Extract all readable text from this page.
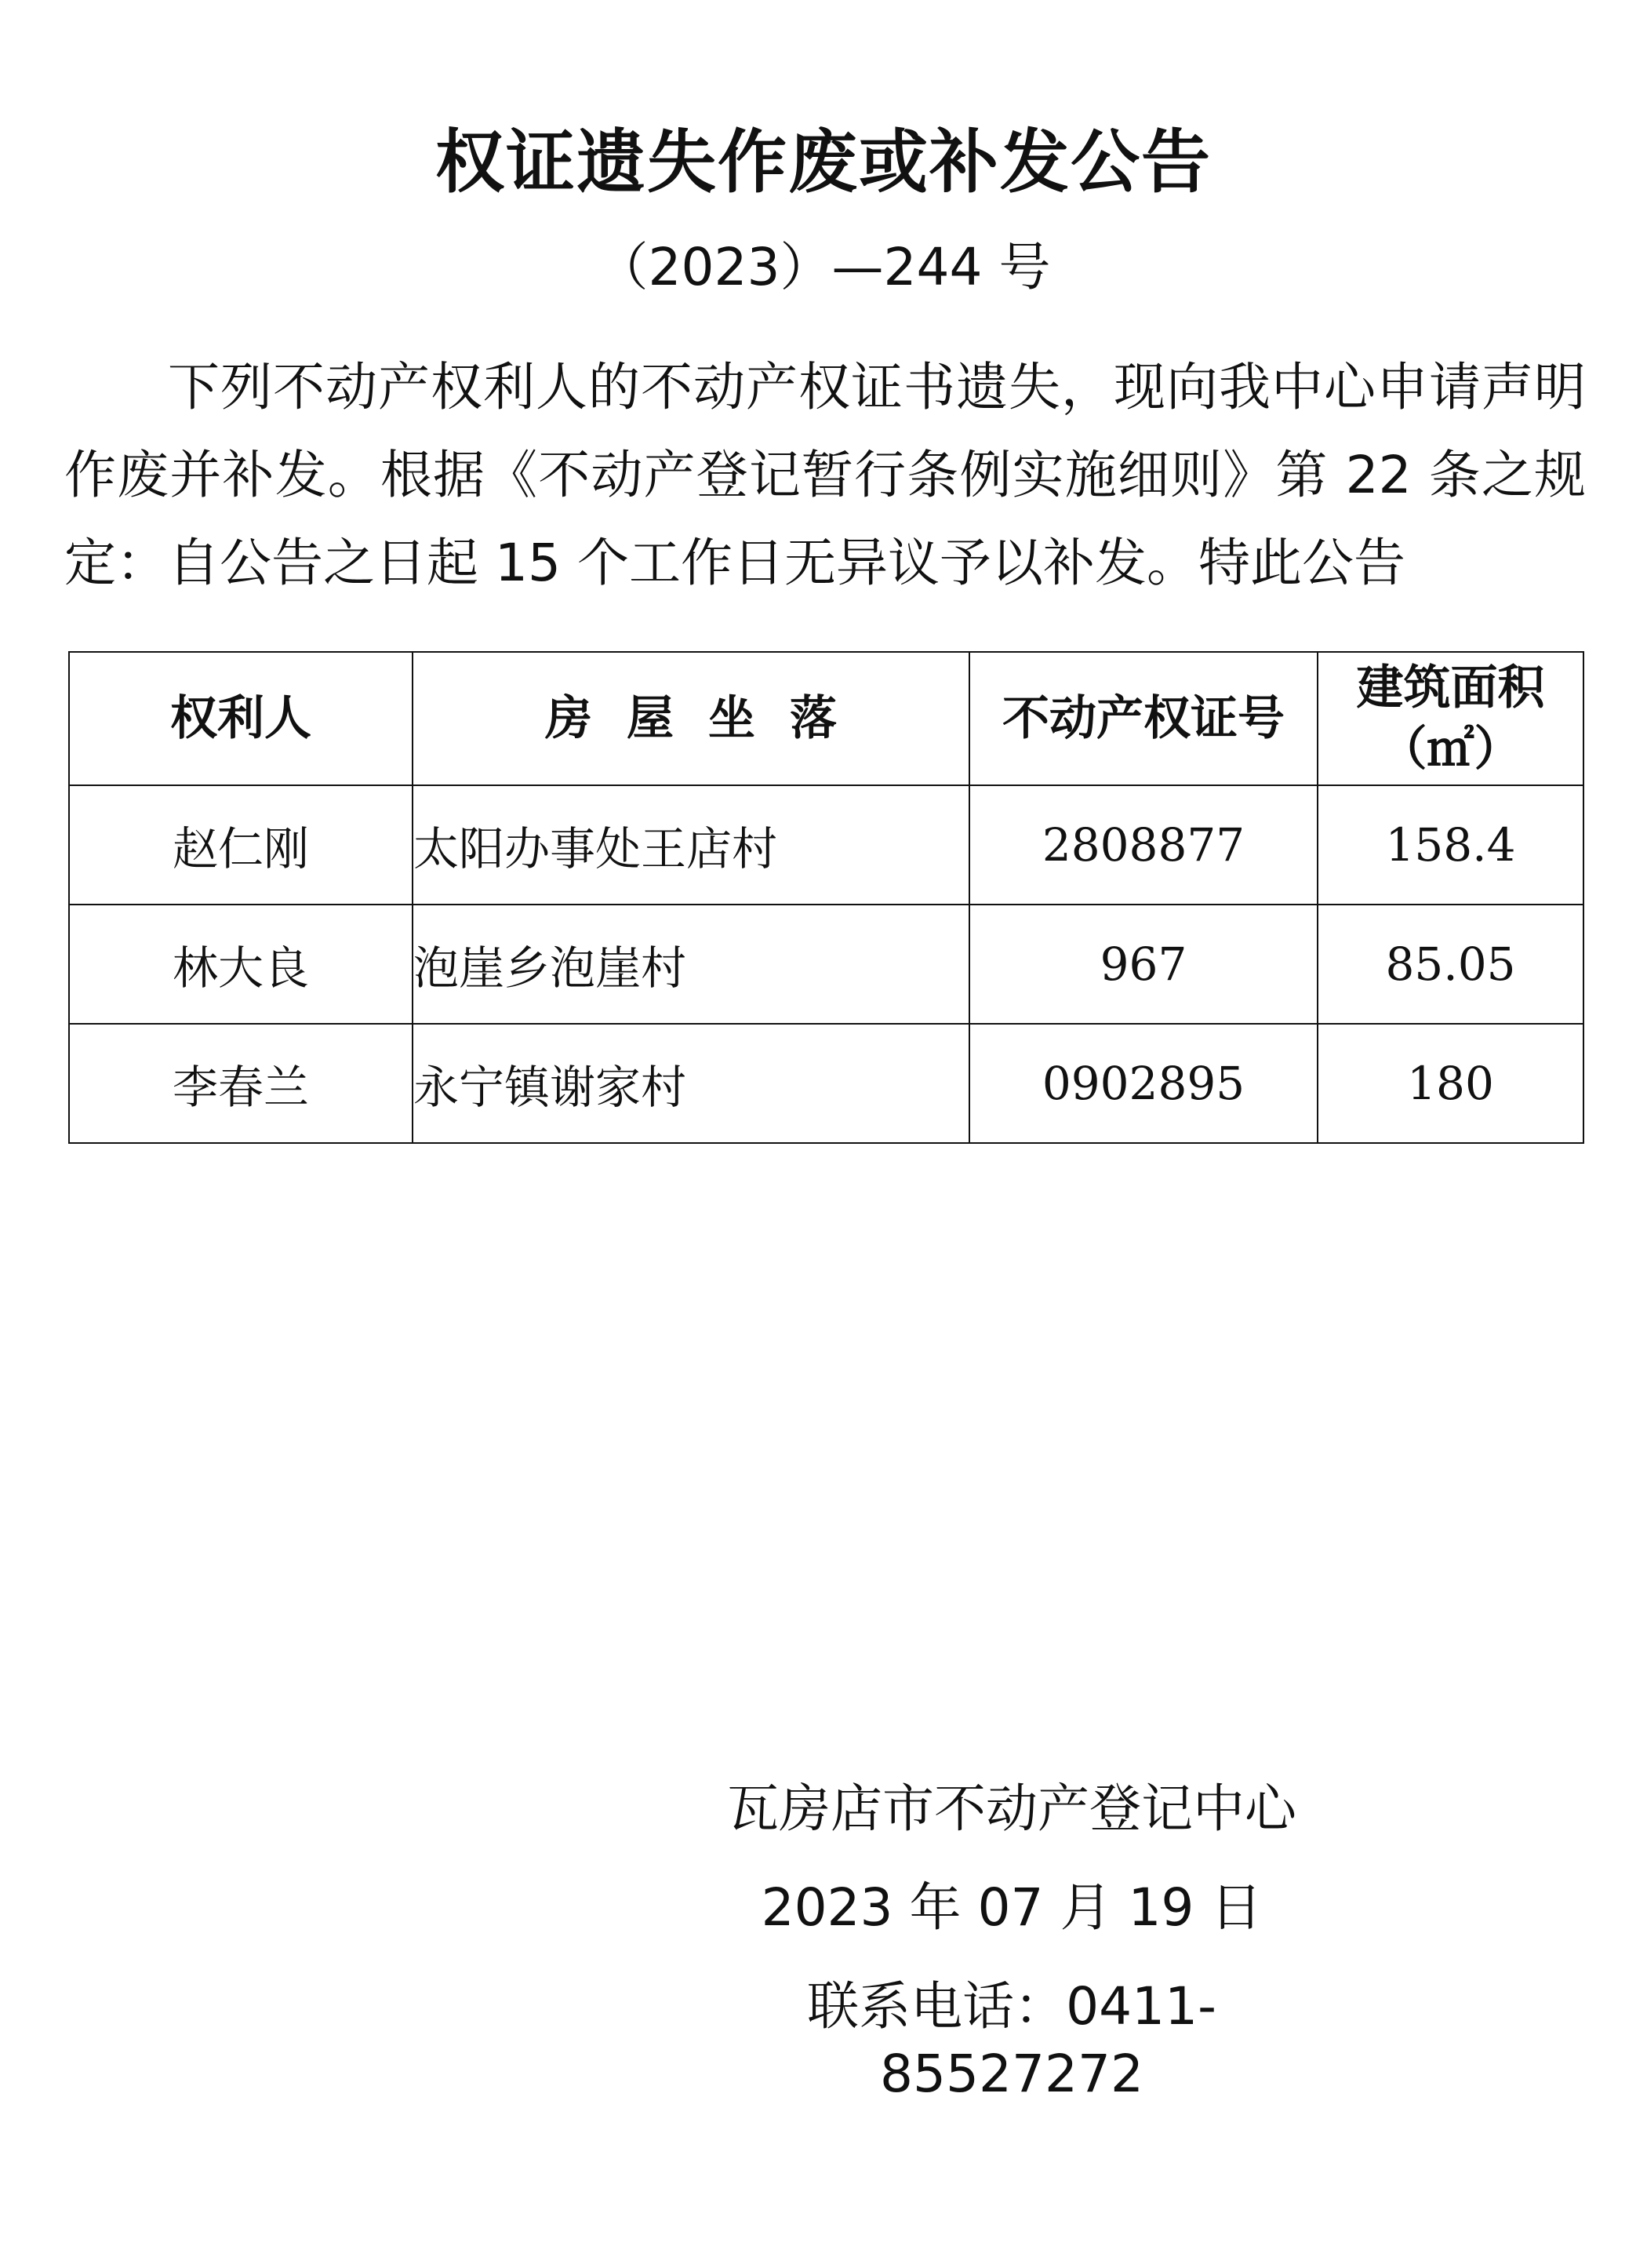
权证遗失作废或补发公告
（2023）—244 号
下列不动产权利人的不动产权证书遗失，现向我中心申请声明作废并补发。根据《不动产登记暂行条例实施细则》第 22 条之规定：自公告之日起 15 个工作日无异议予以补发。特此公告
权利人	房屋坐落	不动产权证号	建筑面积
（㎡）

赵仁刚	太阳办事处王店村	2808877	158.4
林大良	泡崖乡泡崖村	967	85.05
李春兰	永宁镇谢家村	0902895	180
瓦房店市不动产登记中心
2023 年 07 月 19 日
联系电话：0411-85527272
